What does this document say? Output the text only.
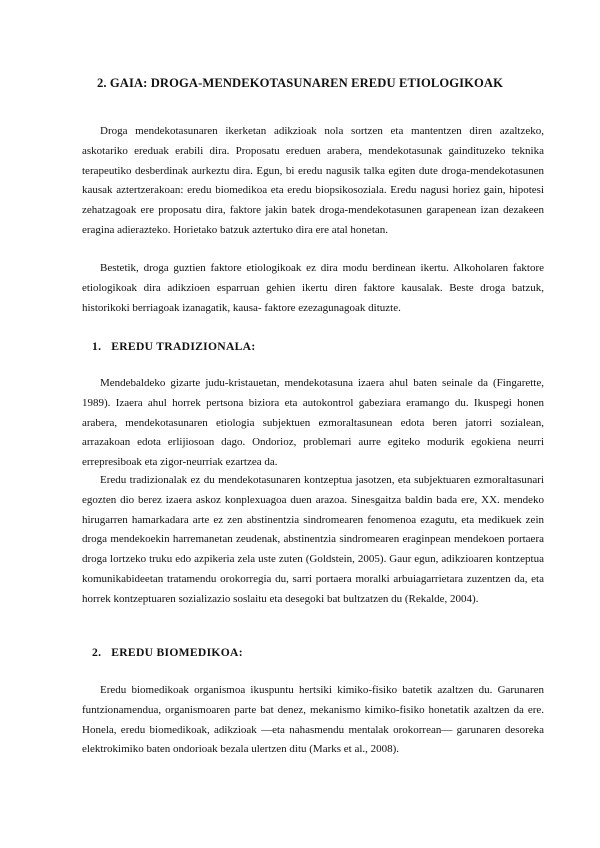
2. GAIA: DROGA-MENDEKOTASUNAREN EREDU ETIOLOGIKOAK

Droga mendekotasunaren ikerketan adikzioak nola sortzen eta mantentzen diren azaltzeko, askotariko ereduak erabili dira. Proposatu ereduen arabera, mendekotasunak gaindituzeko teknika terapeutiko desberdinak aurkeztu dira. Egun, bi eredu nagusik talka egiten dute droga-mendekotasunen kausak aztertzerakoan: eredu biomedikoa eta eredu biopsikosoziala. Eredu nagusi horiez gain, hipotesi zehatzagoak ere proposatu dira, faktore jakin batek droga-mendekotasunen garapenean izan dezakeen eragina adierazteko. Horietako batzuk aztertuko dira ere atal honetan.

Bestetik, droga guztien faktore etiologikoak ez dira modu berdinean ikertu. Alkoholaren faktore etiologikoak dira adikzioen esparruan gehien ikertu diren faktore kausalak. Beste droga batzuk, historikoki berriagoak izanagatik, kausa- faktore ezezagunagoak dituzte.

1. EREDU TRADIZIONALA:

Mendebaldeko gizarte judu-kristauetan, mendekotasuna izaera ahul baten seinale da (Fingarette, 1989). Izaera ahul horrek pertsona biziora eta autokontrol gabeziara eramango du. Ikuspegi honen arabera, mendekotasunaren etiologia subjektuen ezmoraltasunean edota beren jatorri sozialean, arrazakoan edota erlijiosoan dago. Ondorioz, problemari aurre egiteko modurik egokiena neurri errepresiboak eta zigor-neurriak ezartzea da.

Eredu tradizionalak ez du mendekotasunaren kontzeptua jasotzen, eta subjektuaren ezmoraltasunari egozten dio berez izaera askoz konplexuagoa duen arazoa. Sinesgaitza baldin bada ere, XX. mendeko hirugarren hamarkadara arte ez zen abstinentzia sindromearen fenomenoa ezagutu, eta medikuek zein droga mendekoekin harremanetan zeudenak, abstinentzia sindromearen eraginpean mendekoen portaera droga lortzeko truku edo azpikeria zela uste zuten (Goldstein, 2005). Gaur egun, adikzioaren kontzeptua komunikabideetan tratamendu orokorregia du, sarri portaera moralki arbuiagarrietara zuzentzen da, eta horrek kontzeptuaren sozializazio soslaitu eta desegoki bat bultzatzen du (Rekalde, 2004).

2. EREDU BIOMEDIKOA:

Eredu biomedikoak organismoa ikuspuntu hertsiki kimiko-fisiko batetik azaltzen du. Garunaren funtzionamendua, organismoaren parte bat denez, mekanismo kimiko-fisiko honetatik azaltzen da ere. Honela, eredu biomedikoak, adikzioak —eta nahasmendu mentalak orokorrean— garunaren desoreka elektrokimiko baten ondorioak bezala ulertzen ditu (Marks et al., 2008).
